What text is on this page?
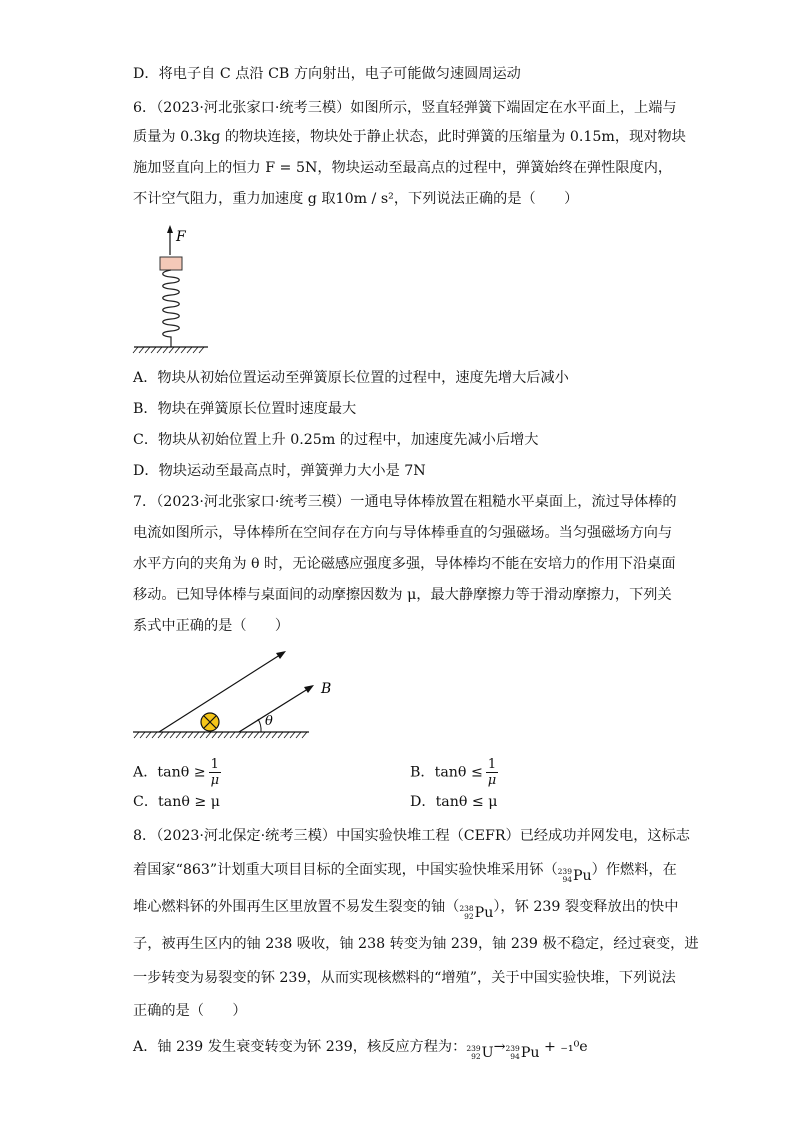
D．将电子自 C 点沿 CB 方向射出，电子可能做匀速圆周运动
6．（2023·河北张家口·统考三模）如图所示，竖直轻弹簧下端固定在水平面上，上端与
质量为 0.3kg 的物块连接，物块处于静止状态，此时弹簧的压缩量为 0.15m，现对物块
施加竖直向上的恒力 F = 5N，物块运动至最高点的过程中，弹簧始终在弹性限度内，
不计空气阻力，重力加速度 g 取10m / s²，下列说法正确的是（　　）
F
A．物块从初始位置运动至弹簧原长位置的过程中，速度先增大后减小
B．物块在弹簧原长位置时速度最大
C．物块从初始位置上升 0.25m 的过程中，加速度先减小后增大
D．物块运动至最高点时，弹簧弹力大小是 7N
7．（2023·河北张家口·统考三模）一通电导体棒放置在粗糙水平桌面上，流过导体棒的
电流如图所示，导体棒所在空间存在方向与导体棒垂直的匀强磁场。当匀强磁场方向与
水平方向的夹角为 θ 时，无论磁感应强度多强，导体棒均不能在安培力的作用下沿桌面
移动。已知导体棒与桌面间的动摩擦因数为 μ，最大静摩擦力等于滑动摩擦力，下列关
系式中正确的是（　　）
θ
B
A．$\tan\theta \ge \frac{1}{\mu}$	B．$\tan\theta \le \frac{1}{\mu}$
C．tanθ ≥ μ	D．tanθ ≤ μ
8．（2023·河北保定·统考三模）中国实验快堆工程（CEFR）已经成功并网发电，这标志
着国家“863”计划重大项目目标的全面实现，中国实验快堆采用钚（ 239
94 Pu ）作燃料，在
堆心燃料钚的外围再生区里放置不易发生裂变的铀（ 238
92 Pu ），钚 239 裂变释放出的快中
子，被再生区内的铀 238 吸收，铀 238 转变为铀 239，铀 239 极不稳定，经过衰变，进
一步转变为易裂变的钚 239，从而实现核燃料的“增殖”，关于中国实验快堆，下列说法
正确的是（　　）
A．铀 239 发生衰变转变为钚 239，核反应方程为： 239
92 U → 239
94 Pu + ₋₁⁰e
